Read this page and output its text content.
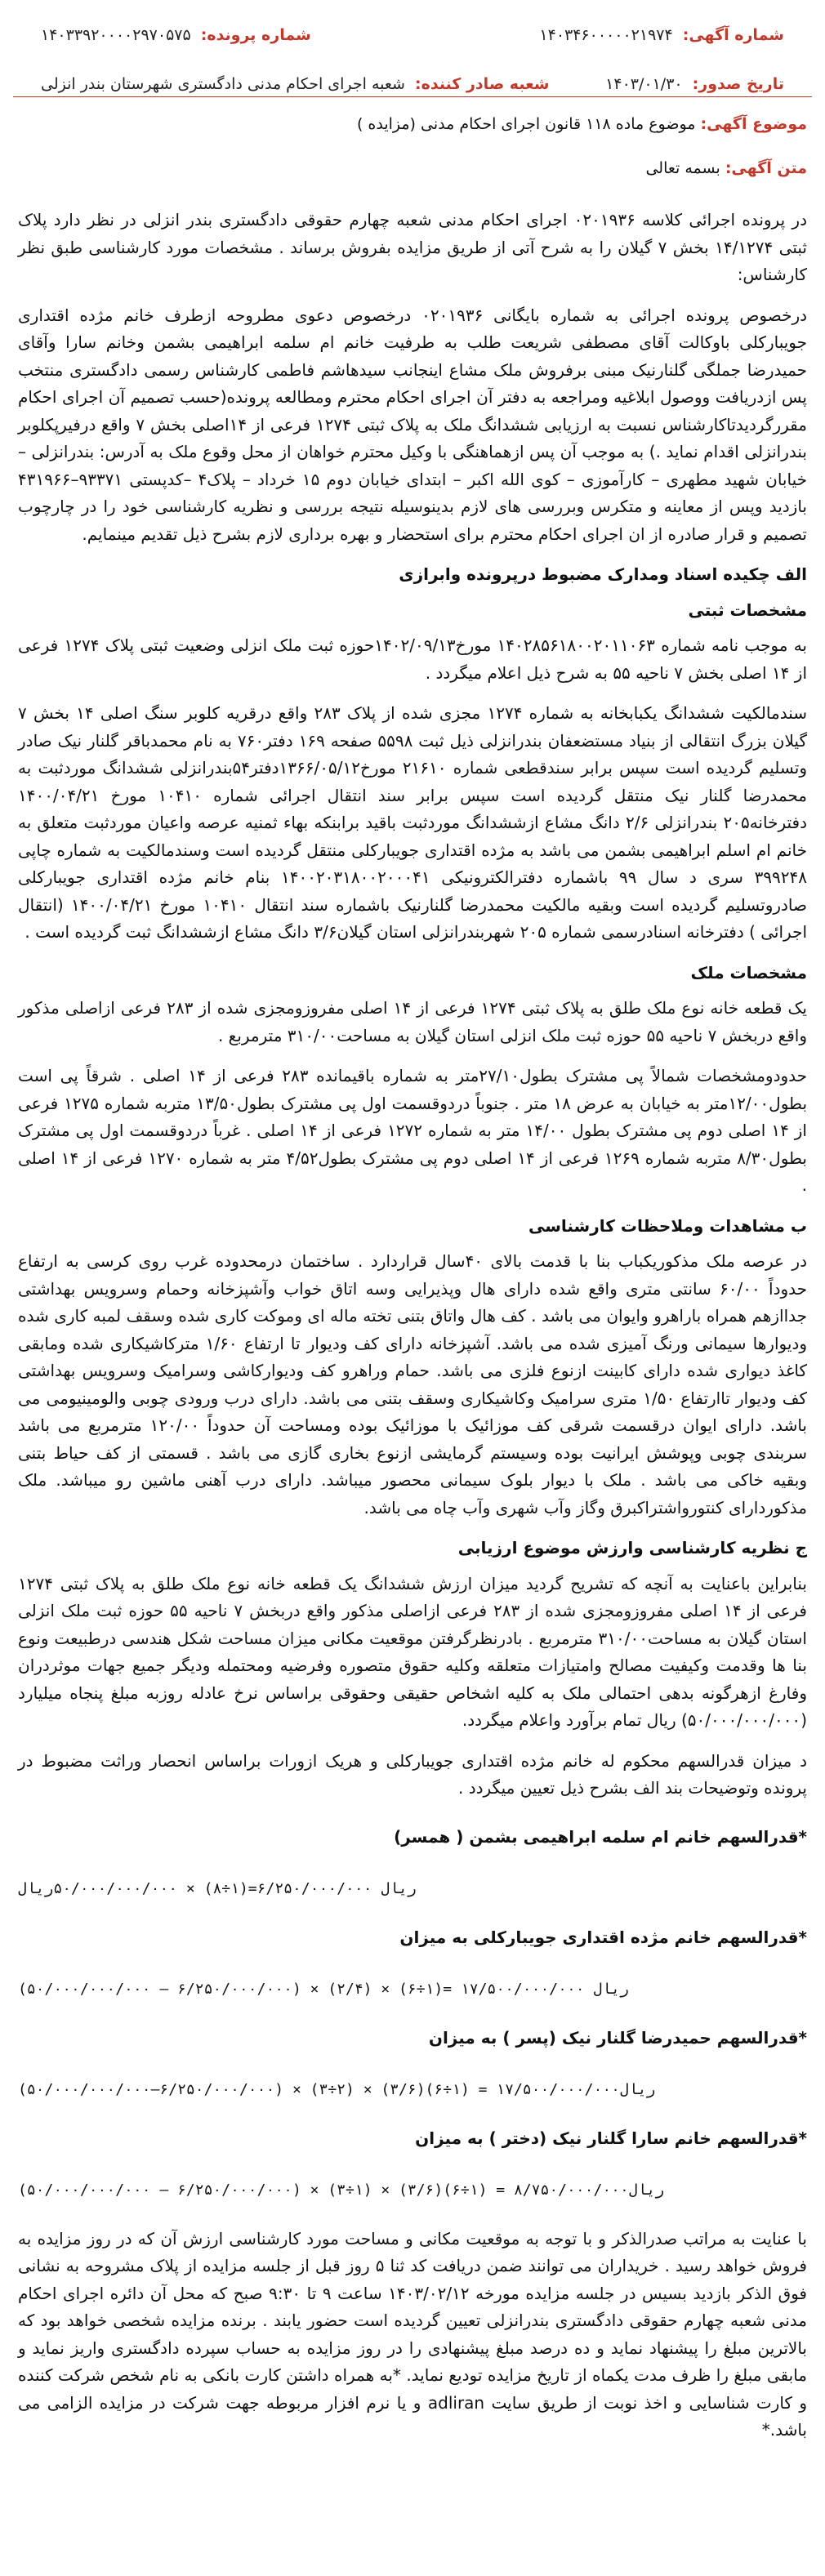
شماره آگهی: ۱۴۰۳۴۶۰۰۰۰۰۲۱۹۷۴
شماره پرونده: ۱۴۰۳۳۹۲۰۰۰۰۲۹۷۰۵۷۵
تاریخ صدور: ۱۴۰۳/۰۱/۳۰
شعبه صادر کننده: شعبه اجرای احکام مدنی دادگستری شهرستان بندر انزلی
موضوع آگهی: موضوع ماده ۱۱۸ قانون اجرای احکام مدنی (مزایده )
متن آگهی: بسمه تعالی

در پرونده اجرائی کلاسه ۰۲۰۱۹۳۶ اجرای احکام مدنی شعبه چهارم حقوقی دادگستری بندر انزلی در نظر دارد پلاک ثبتی ۱۴/۱۲۷۴ بخش ۷ گیلان را به شرح آتی از طریق مزایده بفروش برساند . مشخصات مورد کارشناسی طبق نظر کارشناس:

درخصوص پرونده اجرائی به شماره بایگانی ۰۲۰۱۹۳۶ درخصوص دعوی مطروحه ازطرف خانم مژده اقتداری جویبارکلی باوکالت آقای مصطفی شریعت طلب به طرفیت خانم ام سلمه ابراهیمی بشمن وخانم سارا وآقای حمیدرضا جملگی گلنارنیک مبنی برفروش ملک مشاع اینجانب سیدهاشم فاطمی کارشناس رسمی دادگستری منتخب پس ازدریافت ووصول ابلاغیه ومراجعه به دفتر آن اجرای احکام محترم ومطالعه پرونده(حسب تصمیم آن اجرای احکام مقررگردیدتاکارشناس نسبت به ارزیابی ششدانگ ملک به پلاک ثبتی ۱۲۷۴ فرعی از ۱۴اصلی بخش ۷ واقع درفیرپکلوبر بندرانزلی اقدام نماید .) به موجب آن پس ازهماهنگی با وکیل محترم خواهان از محل وقوع ملک به آدرس: بندرانزلی – خیابان شهید مطهری – کارآموزی – کوی الله اکبر – ابتدای خیابان دوم ۱۵ خرداد – پلاک۴ –کدپستی ۹۳۳۷۱–۴۳۱۹۶۶ بازدید وپس از معاینه و متکرس وبررسی های لازم بدینوسیله نتیجه بررسی و نظریه کارشناسی خود را در چارچوب تصمیم و قرار صادره از ان اجرای احکام محترم برای استحضار و بهره برداری لازم بشرح ذیل تقدیم مینمایم.

الف چکیده اسناد ومدارک مضبوط درپرونده وابرازی
مشخصات ثبتی

به موجب نامه شماره ۱۴۰۲۸۵۶۱۸۰۰۲۰۱۱۰۶۳ مورخ۱۴۰۲/۰۹/۱۳حوزه ثبت ملک انزلی وضعیت ثبتی پلاک ۱۲۷۴ فرعی از ۱۴ اصلی بخش ۷ ناحیه ۵۵ به شرح ذیل اعلام میگردد .

سندمالکیت ششدانگ یکبابخانه به شماره ۱۲۷۴ مجزی شده از پلاک ۲۸۳ واقع درقریه کلوبر سنگ اصلی ۱۴ بخش ۷ گیلان بزرگ انتقالی از بنیاد مستضعفان بندرانزلی ذیل ثبت ۵۵۹۸ صفحه ۱۶۹ دفتر۷۶۰ به نام محمدباقر گلنار نیک صادر وتسلیم گردیده است سپس برابر سندقطعی شماره ۲۱۶۱۰ مورخ۱۳۶۶/۰۵/۱۲دفتر۵۴بندرانزلی ششدانگ موردثبت به محمدرضا گلنار نیک منتقل گردیده است سپس برابر سند انتقال اجرائی شماره ۱۰۴۱۰ مورخ ۱۴۰۰/۰۴/۲۱ دفترخانه۲۰۵ بندرانزلی ۲/۶ دانگ مشاع ازششدانگ موردثبت باقید برابنکه بهاء ثمنیه عرصه واعیان موردثبت متعلق به خانم ام اسلم ابراهیمی بشمن می باشد به مژده اقتداری جویبارکلی منتقل گردیده است وسندمالکیت به شماره چاپی ۳۹۹۲۴۸ سری د سال ۹۹ باشماره دفترالکترونیکی ۱۴۰۰۲۰۳۱۸۰۰۲۰۰۰۴۱ بنام خانم مژده اقتداری جویبارکلی صادروتسلیم گردیده است وبقیه مالکیت محمدرضا گلنارنیک باشماره سند انتقال ۱۰۴۱۰ مورخ ۱۴۰۰/۰۴/۲۱ (انتقال اجرائی ) دفترخانه اسنادرسمی شماره ۲۰۵ شهربندرانزلی استان گیلان۳/۶ دانگ مشاع ازششدانگ ثبت گردیده است .

مشخصات ملک

یک قطعه خانه نوع ملک طلق به پلاک ثبتی ۱۲۷۴ فرعی از ۱۴ اصلی مفروزومجزی شده از ۲۸۳ فرعی ازاصلی مذکور واقع دربخش ۷ ناحیه ۵۵ حوزه ثبت ملک انزلی استان گیلان به مساحت۳۱۰/۰۰ مترمربع .

حدودومشخصات شمالاً پی مشترک بطول۲۷/۱۰متر به شماره باقیمانده ۲۸۳ فرعی از ۱۴ اصلی . شرقاً پی است بطول۱۲/۰۰متر به خیابان به عرض ۱۸ متر . جنوباً دردوقسمت اول پی مشترک بطول۱۳/۵۰ متربه شماره ۱۲۷۵ فرعی از ۱۴ اصلی دوم پی مشترک بطول ۱۴/۰۰ متر به شماره ۱۲۷۲ فرعی از ۱۴ اصلی . غرباً دردوقسمت اول پی مشترک بطول۸/۳۰ متربه شماره ۱۲۶۹ فرعی از ۱۴ اصلی دوم پی مشترک بطول۴/۵۲ متر به شماره ۱۲۷۰ فرعی از ۱۴ اصلی .

ب مشاهدات وملاحظات کارشناسی

در عرصه ملک مذکوریکباب بنا با قدمت بالای ۴۰سال قراردارد . ساختمان درمحدوده غرب روی کرسی به ارتفاع حدوداً ۶۰/۰۰ سانتی متری واقع شده دارای هال وپذیرایی وسه اتاق خواب وآشپزخانه وحمام وسرویس بهداشتی جداازهم همراه باراهرو وایوان می باشد . کف هال واتاق بتنی تخته ماله ای وموکت کاری شده وسقف لمبه کاری شده ودیوارها سیمانی ورنگ آمیزی شده می باشد. آشپزخانه دارای کف ودیوار تا ارتفاع ۱/۶۰ مترکاشیکاری شده ومابقی کاغذ دیواری شده دارای کابینت ازنوع فلزی می باشد. حمام وراهرو کف ودیوارکاشی وسرامیک وسرویس بهداشتی کف ودیوار تاارتفاع ۱/۵۰ متری سرامیک وکاشیکاری وسقف بتنی می باشد. دارای درب ورودی چوبی والومینیومی می باشد. دارای ایوان درقسمت شرقی کف موزائیک با موزائیک بوده ومساحت آن حدوداً ۱۲۰/۰۰ مترمربع می باشد سربندی چوبی وپوشش ایرانیت بوده وسیستم گرمایشی ازنوع بخاری گازی می باشد . قسمتی از کف حیاط بتنی وبقیه خاکی می باشد . ملک با دیوار بلوک سیمانی محصور میباشد. دارای درب آهنی ماشین رو میباشد. ملک مذکوردارای کنتورواشتراکبرق وگاز وآب شهری وآب چاه می باشد.

ج نظریه کارشناسی وارزش موضوع ارزیابی

بنابراین باعنایت به آنچه که تشریح گردید میزان ارزش ششدانگ یک قطعه خانه نوع ملک طلق به پلاک ثبتی ۱۲۷۴ فرعی از ۱۴ اصلی مفروزومجزی شده از ۲۸۳ فرعی ازاصلی مذکور واقع دربخش ۷ ناحیه ۵۵ حوزه ثبت ملک انزلی استان گیلان به مساحت۳۱۰/۰۰ مترمربع . بادرنظرگرفتن موقعیت مکانی میزان مساحت شکل هندسی درطبیعت ونوع بنا ها وقدمت وکیفیت مصالح وامتیازات متعلقه وکلیه حقوق متصوره وفرضیه ومحتمله ودیگر جمیع جهات موثردران وفارغ ازهرگونه بدهی احتمالی ملک به کلیه اشخاص حقیقی وحقوقی براساس نرخ عادله روزبه مبلغ پنجاه میلیارد (۵۰/۰۰۰/۰۰۰/۰۰۰) ریال تمام برآورد واعلام میگردد.

د میزان قدرالسهم محکوم له خانم مژده اقتداری جویبارکلی و هریک ازورات براساس انحصار وراثت مضبوط در پرونده وتوضیحات بند الف بشرح ذیل تعیین میگردد .

*قدرالسهم خانم ام سلمه ابراهیمی بشمن ( همسر)
ریال ۶/۲۵۰/۰۰۰/۰۰۰=(۱÷۸) × ۵۰/۰۰۰/۰۰۰/۰۰۰ریال
*قدرالسهم خانم مژده اقتداری جویبارکلی به میزان
ریال ۱۷/۵۰۰/۰۰۰/۰۰۰ =(۱÷۶) × (۲/۴) × (۶/۲۵۰/۰۰۰/۰۰۰ – ۵۰/۰۰۰/۰۰۰/۰۰۰)
*قدرالسهم حمیدرضا گلنار نیک (پسر ) به میزان
ریال۱۷/۵۰۰/۰۰۰/۰۰۰ = (۱÷۶)(۳/۶) × (۲÷۳) × (۶/۲۵۰/۰۰۰/۰۰۰–۵۰/۰۰۰/۰۰۰/۰۰۰)
*قدرالسهم خانم سارا گلنار نیک (دختر ) به میزان
ریال۸/۷۵۰/۰۰۰/۰۰۰ = (۱÷۶)(۳/۶) × (۱÷۳) × (۶/۲۵۰/۰۰۰/۰۰۰ – ۵۰/۰۰۰/۰۰۰/۰۰۰)

با عنایت به مراتب صدرالذکر و با توجه به موقعیت مکانی و مساحت مورد کارشناسی ارزش آن که در روز مزایده به فروش خواهد رسید . خریداران می توانند ضمن دریافت کد ثنا ۵ روز قبل از جلسه مزایده از پلاک مشروحه به نشانی فوق الذکر بازدید بسیس در جلسه مزایده مورخه ۱۴۰۳/۰۲/۱۲ ساعت ۹ تا ۹:۳۰ صبح که محل آن دائره اجرای احکام مدنی شعبه چهارم حقوقی دادگستری بندرانزلی تعیین گردیده است حضور یابند . برنده مزایده شخصی خواهد بود که بالاترین مبلغ را پیشنهاد نماید و ده درصد مبلغ پیشنهادی را در روز مزایده به حساب سپرده دادگستری واریز نماید و مابقی مبلغ را ظرف مدت یکماه از تاریخ مزایده تودیع نماید. *به همراه داشتن کارت بانکی به نام شخص شرکت کننده و کارت شناسایی و اخذ نوبت از طریق سایت adliran و یا نرم افزار مربوطه جهت شرکت در مزایده الزامی می باشد.*
